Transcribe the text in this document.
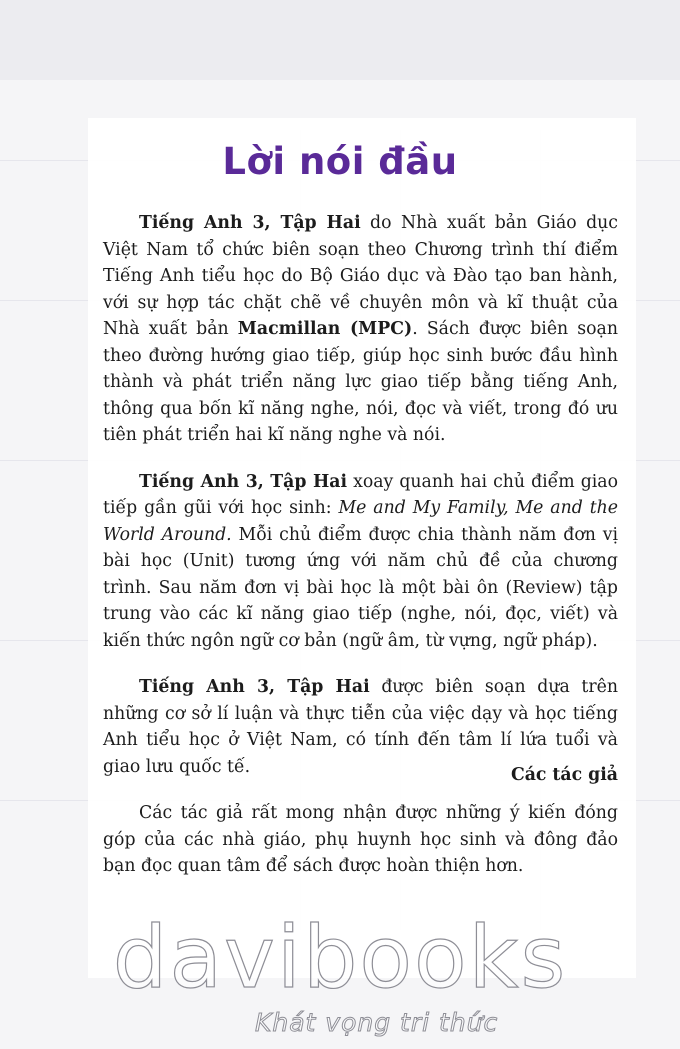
Lời nói đầu

Tiếng Anh 3, Tập Hai do Nhà xuất bản Giáo dục Việt Nam tổ chức biên soạn theo Chương trình thí điểm Tiếng Anh tiểu học do Bộ Giáo dục và Đào tạo ban hành, với sự hợp tác chặt chẽ về chuyên môn và kĩ thuật của Nhà xuất bản Macmillan (MPC). Sách được biên soạn theo đường hướng giao tiếp, giúp học sinh bước đầu hình thành và phát triển năng lực giao tiếp bằng tiếng Anh, thông qua bốn kĩ năng nghe, nói, đọc và viết, trong đó ưu tiên phát triển hai kĩ năng nghe và nói.

Tiếng Anh 3, Tập Hai xoay quanh hai chủ điểm giao tiếp gần gũi với học sinh: Me and My Family, Me and the World Around. Mỗi chủ điểm được chia thành năm đơn vị bài học (Unit) tương ứng với năm chủ đề của chương trình. Sau năm đơn vị bài học là một bài ôn (Review) tập trung vào các kĩ năng giao tiếp (nghe, nói, đọc, viết) và kiến thức ngôn ngữ cơ bản (ngữ âm, từ vựng, ngữ pháp).

Tiếng Anh 3, Tập Hai được biên soạn dựa trên những cơ sở lí luận và thực tiễn của việc dạy và học tiếng Anh tiểu học ở Việt Nam, có tính đến tâm lí lứa tuổi và giao lưu quốc tế.

Các tác giả rất mong nhận được những ý kiến đóng góp của các nhà giáo, phụ huynh học sinh và đông đảo bạn đọc quan tâm để sách được hoàn thiện hơn.

Các tác giả
davibooks
Khát vọng tri thức
